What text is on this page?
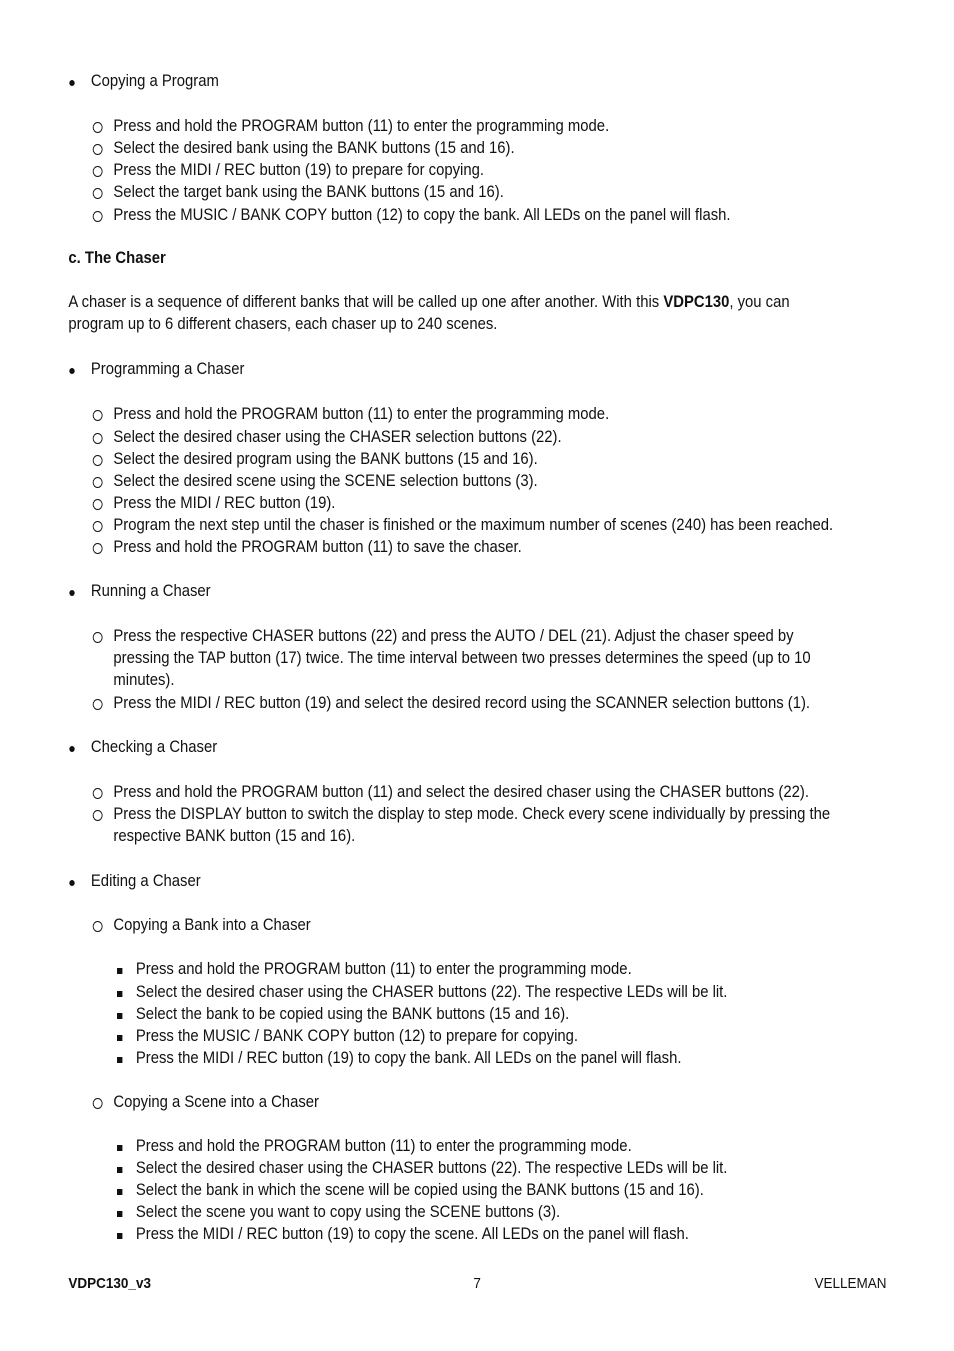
Copying a Program
c. The Chaser
A chaser is a sequence of different banks that will be called up one after another. With this VDPC130, you can
program up to 6 different chasers, each chaser up to 240 scenes.
Programming a Chaser
Running a Chaser
Checking a Chaser
Editing a Chaser
Press and hold the PROGRAM button (11) to enter the programming mode.
Select the desired bank using the BANK buttons (15 and 16).
Press the MIDI / REC button (19) to prepare for copying.
Select the target bank using the BANK buttons (15 and 16).
Press the MUSIC / BANK COPY button (12) to copy the bank. All LEDs on the panel will flash.
Press and hold the PROGRAM button (11) to enter the programming mode.
Select the desired chaser using the CHASER selection buttons (22).
Select the desired program using the BANK buttons (15 and 16).
Select the desired scene using the SCENE selection buttons (3).
Press the MIDI / REC button (19).
Program the next step until the chaser is finished or the maximum number of scenes (240) has been reached.
Press and hold the PROGRAM button (11) to save the chaser.
Press the respective CHASER buttons (22) and press the AUTO / DEL (21). Adjust the chaser speed by
pressing the TAP button (17) twice. The time interval between two presses determines the speed (up to 10
minutes).
Press the MIDI / REC button (19) and select the desired record using the SCANNER selection buttons (1).
Press and hold the PROGRAM button (11) and select the desired chaser using the CHASER buttons (22).
Press the DISPLAY button to switch the display to step mode. Check every scene individually by pressing the
respective BANK button (15 and 16).
Copying a Bank into a Chaser
Press and hold the PROGRAM button (11) to enter the programming mode.
Select the desired chaser using the CHASER buttons (22). The respective LEDs will be lit.
Select the bank to be copied using the BANK buttons (15 and 16).
Press the MUSIC / BANK COPY button (12) to prepare for copying.
Press the MIDI / REC button (19) to copy the bank. All LEDs on the panel will flash.
Copying a Scene into a Chaser
Press and hold the PROGRAM button (11) to enter the programming mode.
Select the desired chaser using the CHASER buttons (22). The respective LEDs will be lit.
Select the bank in which the scene will be copied using the BANK buttons (15 and 16).
Select the scene you want to copy using the SCENE buttons (3).
Press the MIDI / REC button (19) to copy the scene. All LEDs on the panel will flash.
VDPC130_v3	7	VELLEMAN
